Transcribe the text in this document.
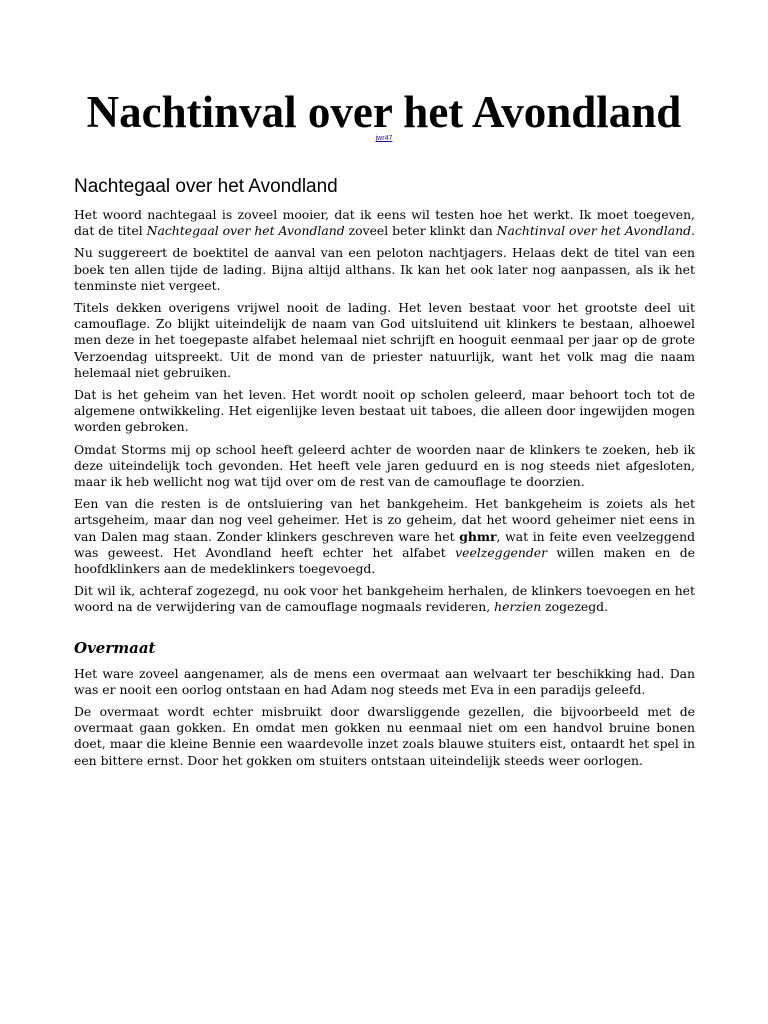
Nachtinval over het Avondland
jwr47
Nachtegaal over het Avondland

Het woord nachtegaal is zoveel mooier, dat ik eens wil testen hoe het werkt. Ik moet toegeven, dat de titel Nachtegaal over het Avondland zoveel beter klinkt dan Nachtinval over het Avondland.

Nu suggereert de boektitel de aanval van een peloton nachtjagers. Helaas dekt de titel van een boek ten allen tijde de lading. Bijna altijd althans. Ik kan het ook later nog aanpassen, als ik het tenminste niet vergeet.

Titels dekken overigens vrijwel nooit de lading. Het leven bestaat voor het grootste deel uit camouflage. Zo blijkt uiteindelijk de naam van God uitsluitend uit klinkers te bestaan, alhoewel men deze in het toegepaste alfabet helemaal niet schrijft en hooguit eenmaal per jaar op de grote Verzoendag uitspreekt. Uit de mond van de priester natuurlijk, want het volk mag die naam helemaal niet gebruiken.

Dat is het geheim van het leven. Het wordt nooit op scholen geleerd, maar behoort toch tot de algemene ontwikkeling. Het eigenlijke leven bestaat uit taboes, die alleen door ingewijden mogen worden gebroken.

Omdat Storms mij op school heeft geleerd achter de woorden naar de klinkers te zoeken, heb ik deze uiteindelijk toch gevonden. Het heeft vele jaren geduurd en is nog steeds niet afgesloten, maar ik heb wellicht nog wat tijd over om de rest van de camouflage te doorzien.

Een van die resten is de ontsluiering van het bankgeheim. Het bankgeheim is zoiets als het artsgeheim, maar dan nog veel geheimer. Het is zo geheim, dat het woord geheimer niet eens in van Dalen mag staan. Zonder klinkers geschreven ware het ghmr, wat in feite even veelzeggend was geweest. Het Avondland heeft echter het alfabet veelzeggender willen maken en de hoofdklinkers aan de medeklinkers toegevoegd.

Dit wil ik, achteraf zogezegd, nu ook voor het bankgeheim herhalen, de klinkers toevoegen en het woord na de verwijdering van de camouflage nogmaals revideren, herzien zogezegd.

Overmaat

Het ware zoveel aangenamer, als de mens een overmaat aan welvaart ter beschikking had. Dan was er nooit een oorlog ontstaan en had Adam nog steeds met Eva in een paradijs geleefd.

De overmaat wordt echter misbruikt door dwarsliggende gezellen, die bijvoorbeeld met de overmaat gaan gokken. En omdat men gokken nu eenmaal niet om een handvol bruine bonen doet, maar die kleine Bennie een waardevolle inzet zoals blauwe stuiters eist, ontaardt het spel in een bittere ernst. Door het gokken om stuiters ontstaan uiteindelijk steeds weer oorlogen.
